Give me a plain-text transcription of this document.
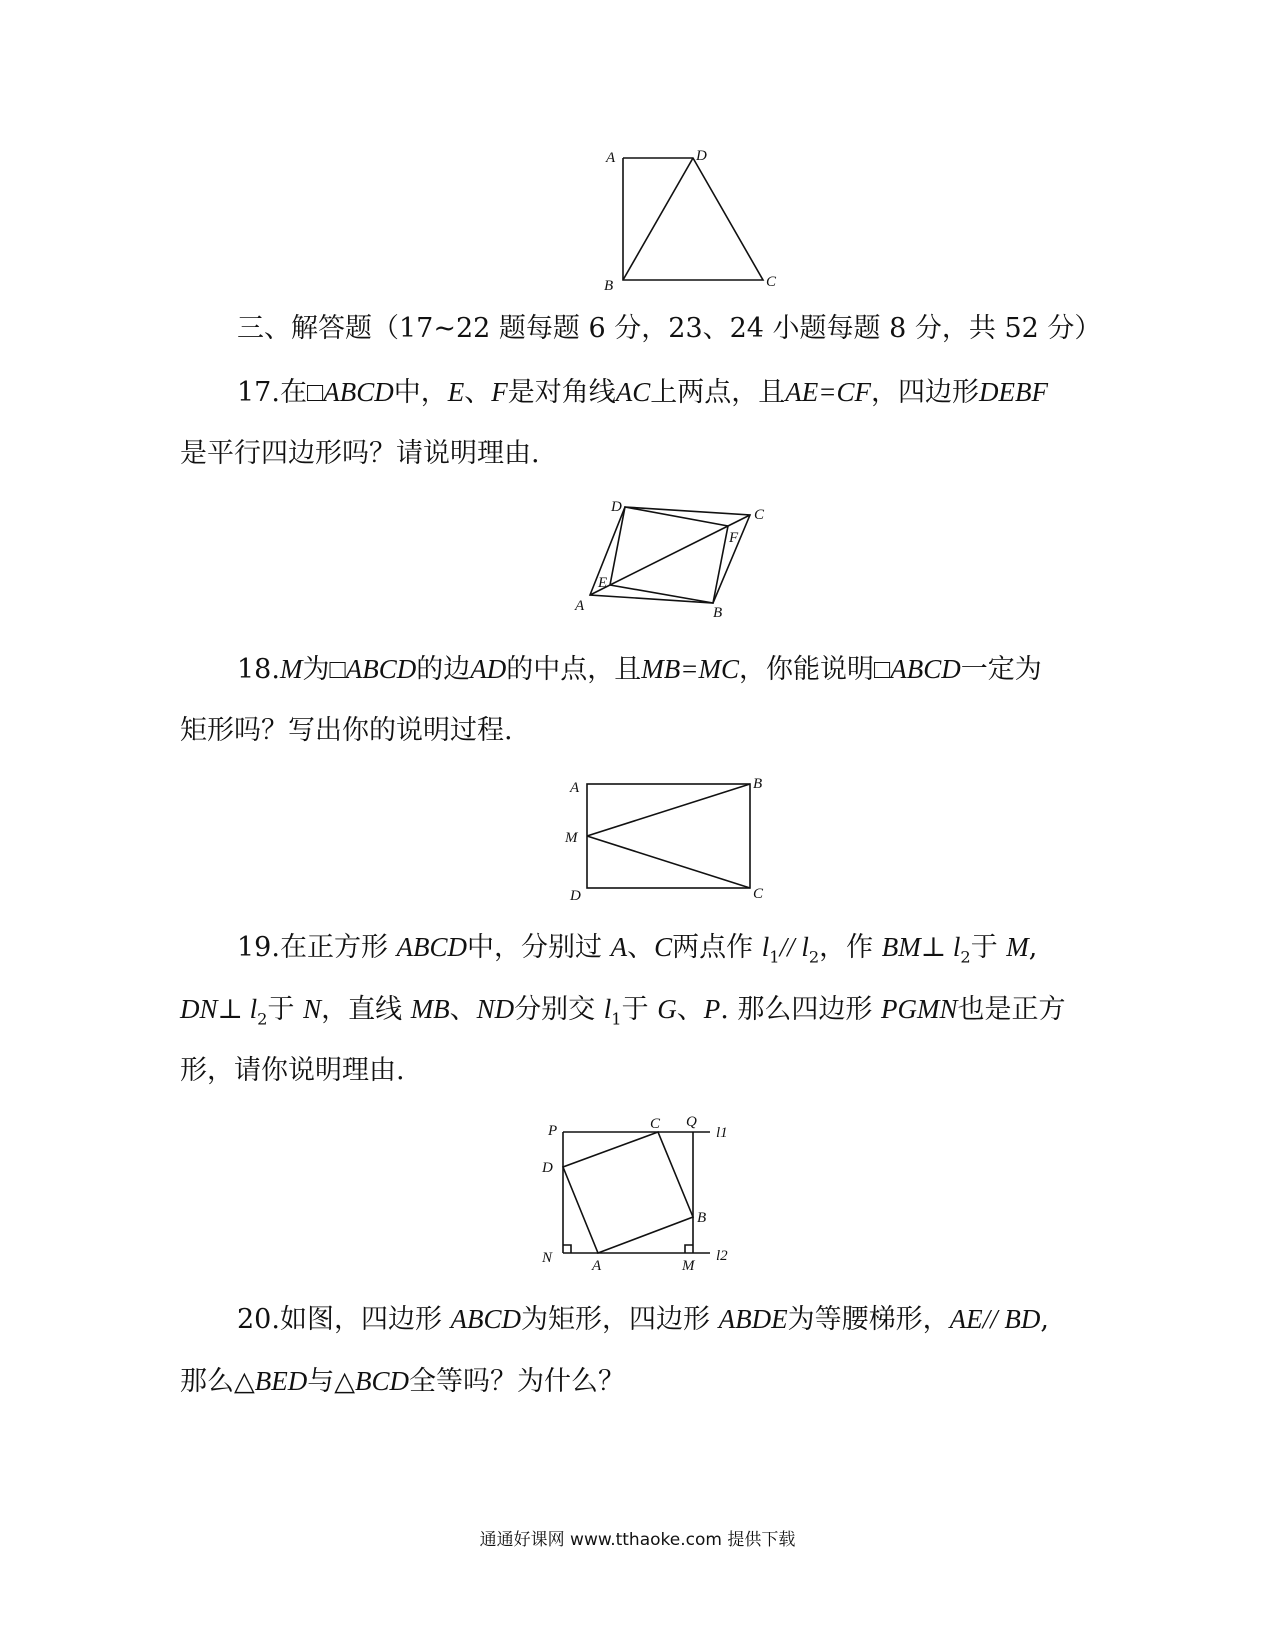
A	D
B	C
三、解答题（17~22 题每题 6 分，23、24 小题每题 8 分，共 52 分）
17.在□ABCD中，E、F是对角线AC上两点，且AE=CF，四边形DEBF
是平行四边形吗？请说明理由.
D	C
F
E
A	B
18.M为□ABCD的边AD的中点，且MB=MC，你能说明□ABCD一定为
矩形吗？写出你的说明过程.
A	B
M
D	C
19.在正方形 ABCD中，分别过 A、C两点作 $l_1//$ $l_2$，作 BM⊥ $l_2$于 M,
DN⊥ $l_2$于 N，直线 MB、ND分别交 $l_1$于 G、P. 那么四边形 PGMN也是正方
形，请你说明理由.
P	C Q
l1
D
B
N	A	M
l2
20.如图，四边形 ABCD为矩形，四边形 ABDE为等腰梯形，AE// BD,
那么△BED与△BCD全等吗？为什么？
通通好课网 www.tthaoke.com 提供下载
